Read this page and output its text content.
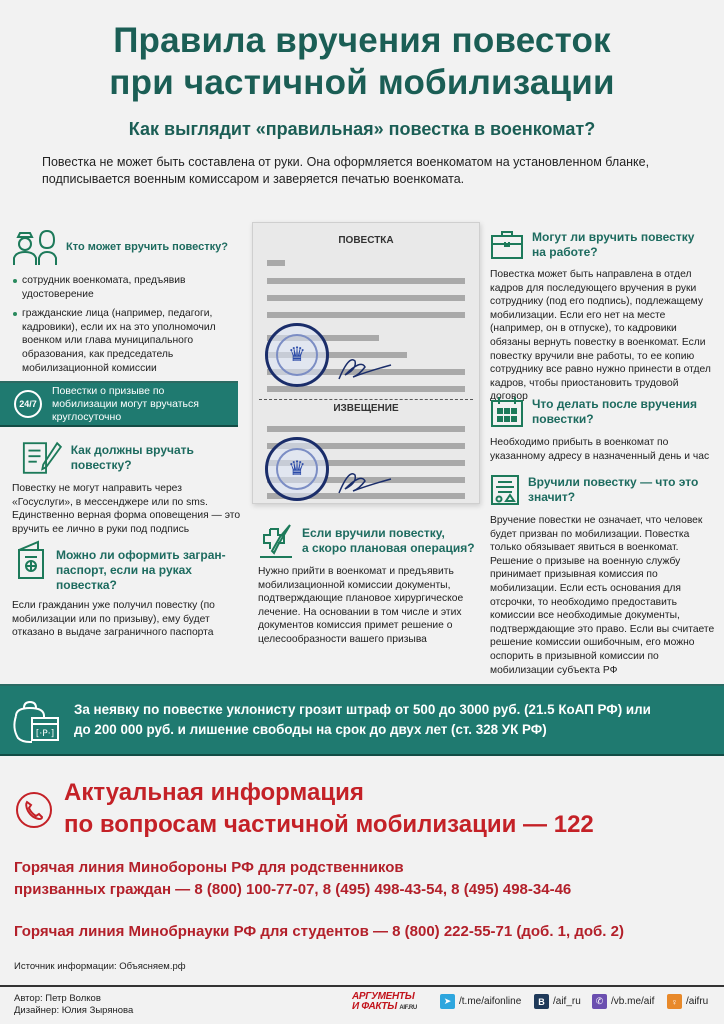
Правила вручения повесток
при частичной мобилизации
Как выглядит «правильная» повестка в военкомат?
Повестка не может быть составлена от руки. Она оформляется военкоматом на установленном бланке, подписывается военным комиссаром и заверяется печатью военкомата.
Кто может вручить повестку?
сотрудник военкомата, предъявив удостоверение
гражданские лица (например, педагоги, кадровики), если их на это уполномочил военком или глава муниципального образования, как председатель мобилизационной комиссии
24/7
Повестки о призыве по мобилизации могут вручаться круглосуточно
Как должны вручать повестку?
Повестку не могут направить через «Госуслуги», в мессенджере или по sms. Единственно верная форма оповещения — это вручить ее лично в руки под подпись
Можно ли оформить загран-паспорт, если на руках повестка?
Если гражданин уже получил повестку (по мобилизации или по призыву), ему будет отказано в выдаче заграничного паспорта
ПОВЕСТКА
♛
ИЗВЕЩЕНИЕ
♛
Если вручили повестку,
а скоро плановая операция?
Нужно прийти в военкомат и предъявить мобилизационной комиссии документы, подтверждающие плановое хирургическое лечение. На основании в том числе и этих документов комиссия примет решение о целесообразности вашего призыва
Могут ли вручить повестку
на работе?
Повестка может быть направлена в отдел кадров для последующего вручения в руки сотруднику (под его подпись), подлежащему мобилизации. Если его нет на месте (например, он в отпуске), то кадровики обязаны вернуть повестку в военкомат. Если повестку вручили вне работы, то ее копию сотруднику все равно нужно принести в отдел кадров, чтобы приостановить трудовой договор
Что делать после вручения
повестки?
Необходимо прибыть в военкомат по указанному адресу в назначенный день и час
Вручили повестку — что это
значит?
Вручение повестки не означает, что человек будет призван по мобилизации. Повестка только обязывает явиться в военкомат. Решение о призыве на военную службу принимает призывная комиссия по мобилизации. Если есть основания для отсрочки, то необходимо предоставить комиссии все необходимые документы, подтверждающие это право. Если вы считаете решение комиссии ошибочным, его можно оспорить в призывной комиссии по мобилизации субъекта РФ
[·P·]
За неявку по повестке уклонисту грозит штраф от 500 до 3000 руб. (21.5 КоАП РФ) или
до 200 000 руб. и лишение свободы на срок до двух лет (ст. 328 УК РФ)
Актуальная информация
по вопросам частичной мобилизации — 122
Горячая линия Минобороны РФ для родственников
призванных граждан — 8 (800) 100-77-07, 8 (495) 498-43-54, 8 (495) 498-34-46
Горячая линия Минобрнауки РФ для студентов — 8 (800) 222-55-71 (доб. 1, доб. 2)
Источник информации: Объясняем.рф
Автор: Петр Волков
Дизайнер: Юлия Зырянова
АРГУМЕНТЫ
И ФАКТЫ AIF.RU
➤ /t.me/aifonline	В /aif_ru	✆ /vb.me/aif	♀ /aifru
